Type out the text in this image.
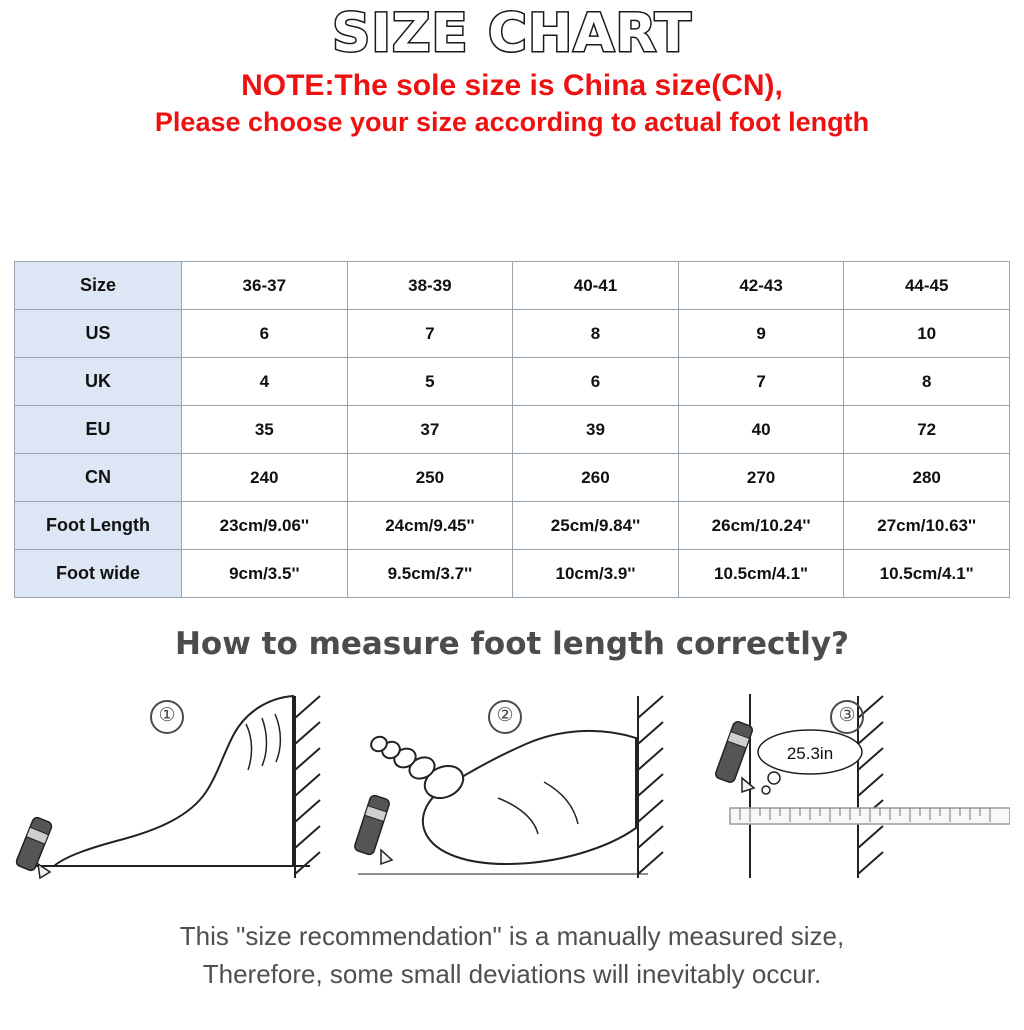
SIZE CHART
NOTE:The sole size is China size(CN),
Please choose your size according to actual foot length
Size	36-37	38-39	40-41	42-43	44-45
US	6	7	8	9	10
UK	4	5	6	7	8
EU	35	37	39	40	72
CN	240	250	260	270	280
Foot Length	23cm/9.06''	24cm/9.45''	25cm/9.84''	26cm/10.24''	27cm/10.63''
Foot wide	9cm/3.5''	9.5cm/3.7''	10cm/3.9''	10.5cm/4.1"	10.5cm/4.1"
How to measure foot length correctly?
①	②	③
25.3in
This "size recommendation" is a manually measured size,
Therefore, some small deviations will inevitably occur.
